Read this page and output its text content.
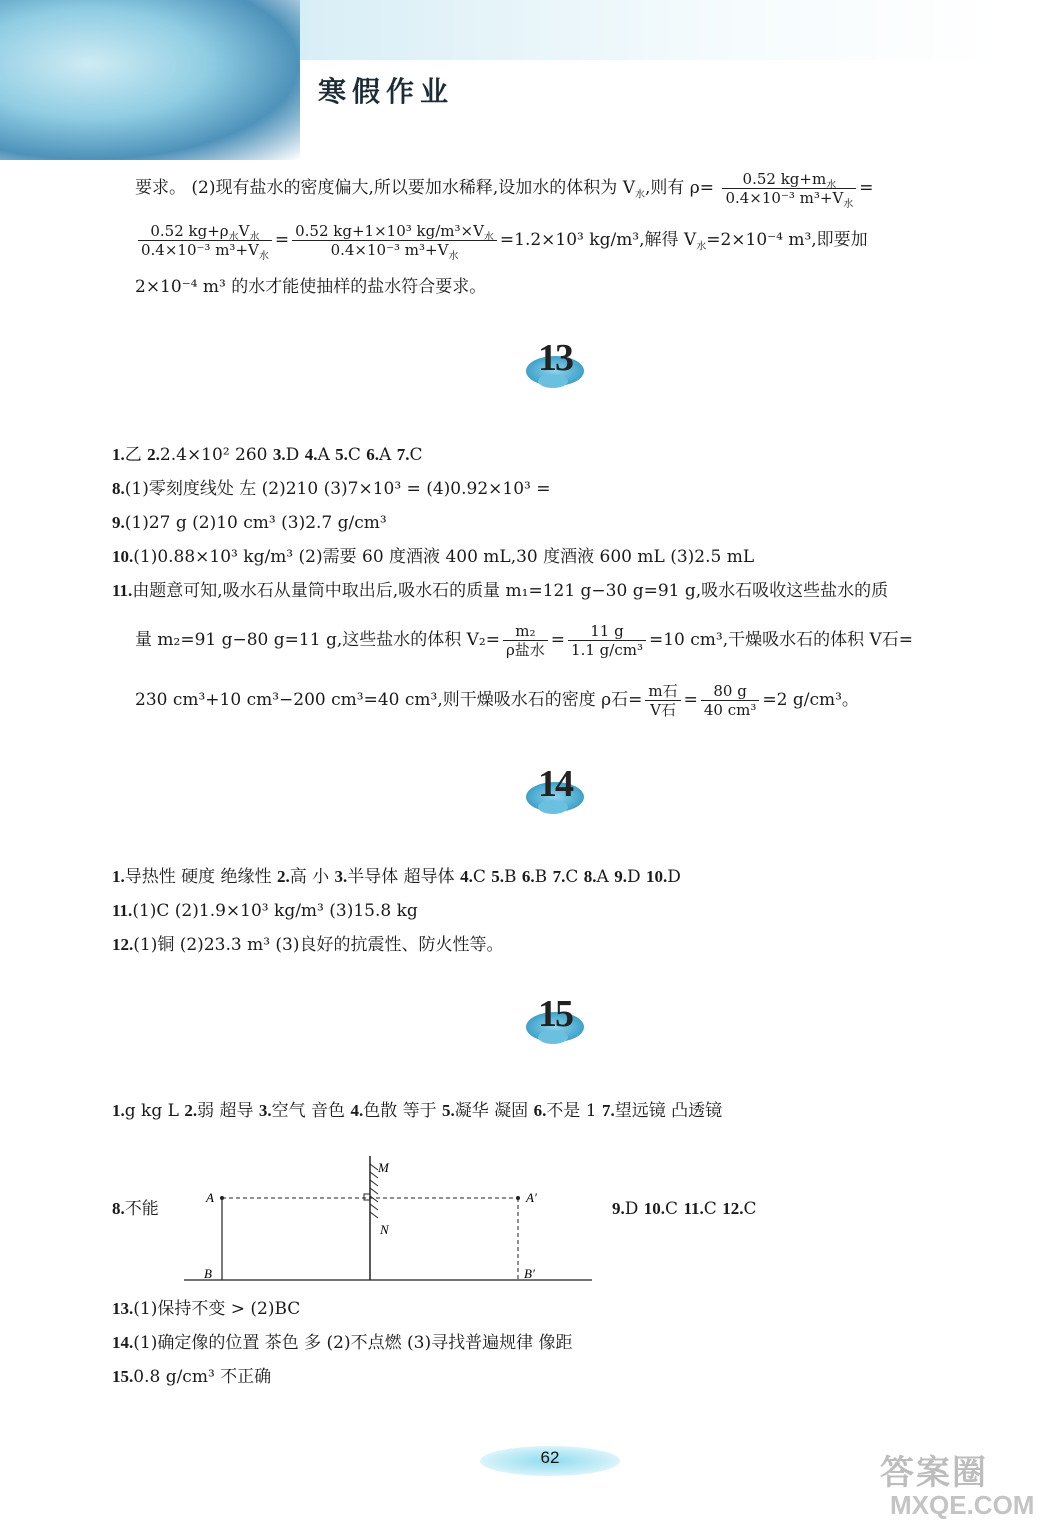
寒假作业
要求。 (2)现有盐水的密度偏大,所以要加水稀释,设加水的体积为 $V_水$,则有 $\rho= \frac{0.52 kg+m_水}{0.4\times 10^{-3} m^3+V_水}$ =
$\frac{0.52 kg+\rho_水V_水}{0.4\times 10^{-3} m^3+V_水} = \frac{0.52 kg+1\times 10^3 kg/m^3\times V_水}{0.4\times 10^{-3} m^3+V_水} =1.2\times 10^3$ kg/m³,解得 $V_水=2\times 10^{-4}$ m³,即要加
2×10⁻⁴ m³ 的水才能使抽样的盐水符合要求。
13
1.乙 2.2.4×10² 260 3.D 4.A 5.C 6.A 7.C
8.(1)零刻度线处 左 (2)210 (3)7×10³ = (4)0.92×10³ =
9.(1)27 g (2)10 cm³ (3)2.7 g/cm³
10.(1)0.88×10³ kg/m³ (2)需要 60 度酒液 400 mL,30 度酒液 600 mL (3)2.5 mL
11.由题意可知,吸水石从量筒中取出后,吸水石的质量 m₁=121 g−30 g=91 g,吸水石吸收这些盐水的质
量 m₂=91 g−80 g=11 g,这些盐水的体积 $V_2= \frac{\text{m₂}}{\text{ρ盐水}} = \frac{11 g}{\text{1.1 g/cm³}} =10$ cm³,干燥吸水石的体积 V石=
230 cm³+10 cm³−200 cm³=40 cm³,则干燥吸水石的密度 ρ石= $\frac{\text{m石}}{\text{V石}} = \frac{80 g}{\text{40 cm³}} =2$ g/cm³。
14
1.导热性 硬度 绝缘性 2.高 小 3.半导体 超导体 4.C 5.B 6.B 7.C 8.A 9.D 10.D
11.(1)C (2)1.9×10³ kg/m³ (3)15.8 kg
12.(1)铜 (2)23.3 m³ (3)良好的抗震性、防火性等。
15
1.g kg L 2.弱 超导 3.空气 音色 4.色散 等于 5.凝华 凝固 6.不是 1 7.望远镜 凸透镜
8.不能	9.D 10.C 11.C 12.C
M
N
A	A′
B	B′
13.(1)保持不变 > (2)BC
14.(1)确定像的位置 茶色 多 (2)不点燃 (3)寻找普遍规律 像距
15.0.8 g/cm³ 不正确
62	答案圈
MXQE.COM
